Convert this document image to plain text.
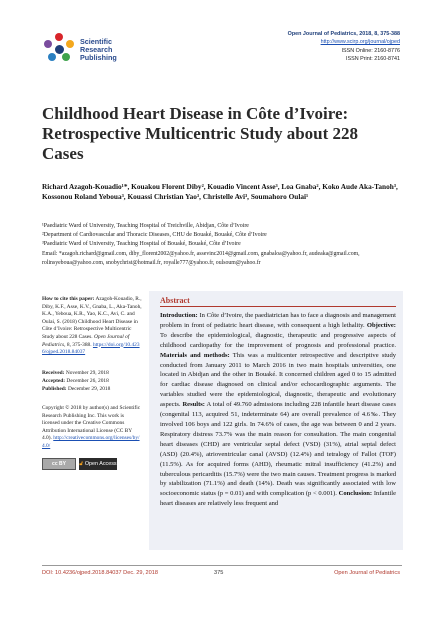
Scientific
Research
Publishing
Open Journal of Pediatrics, 2018, 8, 375-388
http://www.scirp.org/journal/ojped
ISSN Online: 2160-8776
ISSN Print: 2160-8741
Childhood Heart Disease in Côte d’Ivoire: Retrospective Multicentric Study about 228 Cases
Richard Azagoh-Kouadio¹*, Kouakou Florent Diby², Kouadio Vincent Asse³, Loa Gnaba², Koko Aude Aka-Tanoh³, Kossonou Roland Yeboua³, Kouassi Christian Yao³, Christelle Avi³, Soumahoro Oulai¹
¹Paediatric Ward of University, Teaching Hospital of Treichville, Abidjan, Côte d’Ivoire
²Department of Cardiovascular and Thoracic Diseases, CHU de Bouaké, Bouaké, Côte d’Ivoire
³Paediatric Ward of University, Teaching Hospital of Bouaké, Bouaké, Côte d’Ivoire
Email: *azagoh.richard@gmail.com, diby_florent2002@yahoo.fr, assevinc2014@gmail.com, gnabaloa@yahoo.fr, audeaka@gmail.com, rolinsyeboua@yahoo.com, snobychrist@hotmail.fr, royalle777@yahoo.fr, oulsoum@yahoo.fr
How to cite this paper: Azagoh-Kouadio, R., Diby, K.F., Asse, K.V., Gnaba, L., Aka-Tanoh, K.A., Yeboua, K.R., Yao, K.C., Avi, C. and Oulai, S. (2018) Childhood Heart Disease in Côte d’Ivoire: Retrospective Multicentric Study about 228 Cases. Open Journal of Pediatrics, 8, 375-388. https://doi.org/10.4236/ojped.2018.84037
Received: November 29, 2018
Accepted: December 26, 2018
Published: December 29, 2018
Copyright © 2018 by author(s) and Scientific Research Publishing Inc. This work is licensed under the Creative Commons Attribution International License (CC BY 4.0). http://creativecommons.org/licenses/by/4.0/
cc BY	🔓︎ Open Access
Abstract
Introduction: In Côte d’Ivoire, the paediatrician has to face a diagnosis and management problem in front of pediatric heart disease, with consequent a high lethality. Objective: To describe the epidemiological, diagnostic, therapeutic and progressive aspects of childhood cardiopathy for the improvement of prognosis and professional practice. Materials and methods: This was a multicenter retrospective and descriptive study conducted from January 2011 to March 2016 in two main hospitals universities, one located in Abidjan and the other in Bouaké. It concerned children aged 0 to 15 admitted for cardiac disease diagnosed on clinical and/or echocardiographic arguments. The variables studied were the epidemiological, diagnostic, therapeutic and evolutionary aspects. Results: A total of 49.760 admissions including 228 infantile heart disease cases (congenital 113, acquired 51, indeterminate 64) are overall prevalence of 4.6‰. They involved 106 boys and 122 girls. In 74.6% of cases, the age was between 0 and 2 years. Respiratory distress 73.7% was the main reason for consultation. The main congenital heart diseases (CHD) are ventricular septal defect (VSD) (31%), atrial septal defect (ASD) (20.4%), atrioventricular canal (AVSD) (12.4%) and tetralogy of Fallot (TOF) (11.5%). As for acquired forms (AHD), rheumatic mitral insufficiency (41.2%) and tuberculous pericarditis (15.7%) were the two main causes. Treatment progress is marked by stabilization (71.1%) and death (14%). Death was significantly associated with low socioeconomic status (p = 0.01) and with complication (p < 0.001). Conclusion: Infantile heart diseases are relatively less frequent and
DOI: 10.4236/ojped.2018.84037 Dec. 29, 2018	375	Open Journal of Pediatrics
